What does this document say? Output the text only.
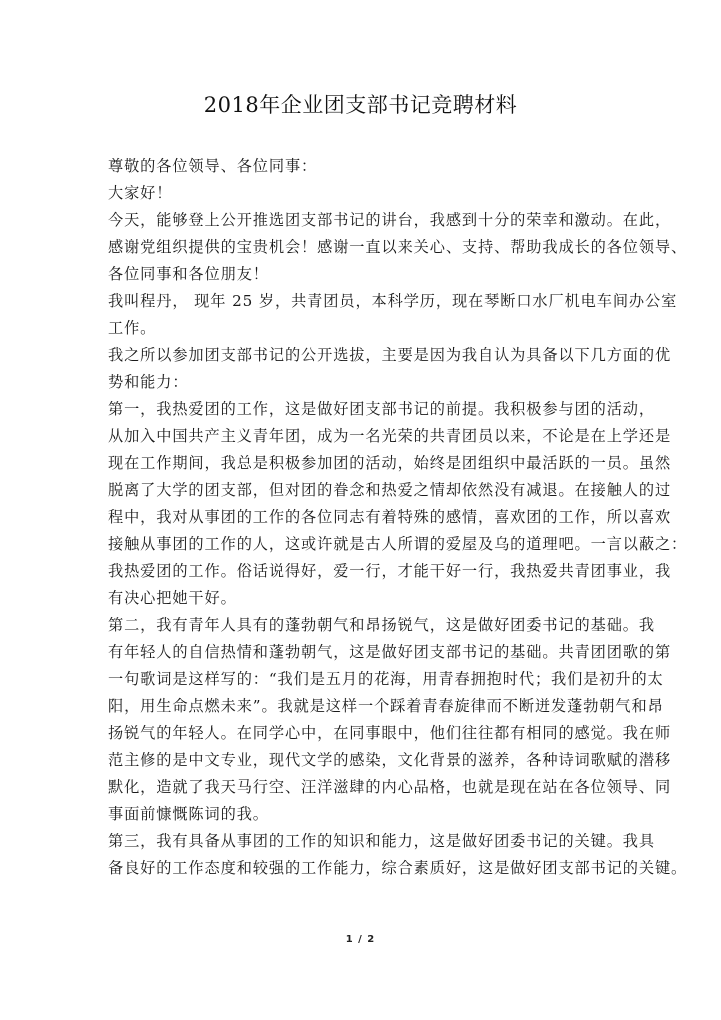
2018年企业团支部书记竞聘材料
尊敬的各位领导、各位同事：
大家好！
今天，能够登上公开推选团支部书记的讲台，我感到十分的荣幸和激动。在此，
感谢党组织提供的宝贵机会！感谢一直以来关心、支持、帮助我成长的各位领导、
各位同事和各位朋友！
我叫程丹， 现年 25 岁，共青团员，本科学历，现在琴断口水厂机电车间办公室
工作。
我之所以参加团支部书记的公开选拔，主要是因为我自认为具备以下几方面的优
势和能力：
第一，我热爱团的工作，这是做好团支部书记的前提。我积极参与团的活动，
从加入中国共产主义青年团，成为一名光荣的共青团员以来，不论是在上学还是
现在工作期间，我总是积极参加团的活动，始终是团组织中最活跃的一员。虽然
脱离了大学的团支部，但对团的眷念和热爱之情却依然没有减退。在接触人的过
程中，我对从事团的工作的各位同志有着特殊的感情，喜欢团的工作，所以喜欢
接触从事团的工作的人，这或许就是古人所谓的爱屋及乌的道理吧。一言以蔽之：
我热爱团的工作。俗话说得好，爱一行，才能干好一行，我热爱共青团事业，我
有决心把她干好。
第二，我有青年人具有的蓬勃朝气和昂扬锐气，这是做好团委书记的基础。我
有年轻人的自信热情和蓬勃朝气，这是做好团支部书记的基础。共青团团歌的第
一句歌词是这样写的：“我们是五月的花海，用青春拥抱时代；我们是初升的太
阳，用生命点燃未来”。我就是这样一个踩着青春旋律而不断迸发蓬勃朝气和昂
扬锐气的年轻人。在同学心中，在同事眼中，他们往往都有相同的感觉。我在师
范主修的是中文专业，现代文学的感染，文化背景的滋养，各种诗词歌赋的潜移
默化，造就了我天马行空、汪洋滋肆的内心品格，也就是现在站在各位领导、同
事面前慷慨陈词的我。
第三，我有具备从事团的工作的知识和能力，这是做好团委书记的关键。我具
备良好的工作态度和较强的工作能力，综合素质好，这是做好团支部书记的关键。
1 / 2
